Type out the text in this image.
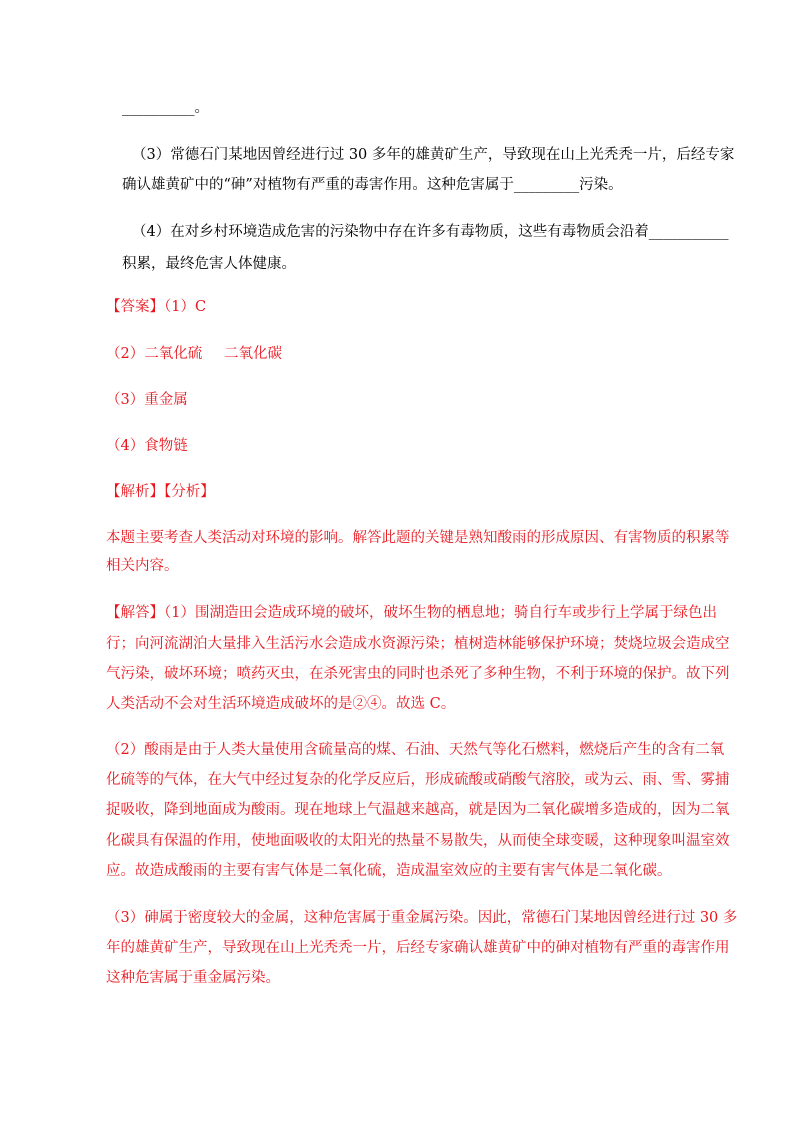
__________。
（3）常德石门某地因曾经进行过 30 多年的雄黄矿生产，导致现在山上光秃秃一片，后经专家
确认雄黄矿中的“砷”对植物有严重的毒害作用。这种危害属于_________污染。
（4）在对乡村环境造成危害的污染物中存在许多有毒物质，这些有毒物质会沿着___________
积累，最终危害人体健康。
【答案】（1）C
（2）二氧化硫 二氧化碳
（3）重金属
（4）食物链
【解析】【分析】
本题主要考查人类活动对环境的影响。解答此题的关键是熟知酸雨的形成原因、有害物质的积累等
相关内容。
【解答】（1）围湖造田会造成环境的破坏，破坏生物的栖息地；骑自行车或步行上学属于绿色出
行；向河流湖泊大量排入生活污水会造成水资源污染；植树造林能够保护环境；焚烧垃圾会造成空
气污染，破坏环境；喷药灭虫，在杀死害虫的同时也杀死了多种生物，不利于环境的保护。故下列
人类活动不会对生活环境造成破坏的是②④。故选 C。
（2）酸雨是由于人类大量使用含硫量高的煤、石油、天然气等化石燃料，燃烧后产生的含有二氧
化硫等的气体，在大气中经过复杂的化学反应后，形成硫酸或硝酸气溶胶，或为云、雨、雪、雾捕
捉吸收，降到地面成为酸雨。现在地球上气温越来越高，就是因为二氧化碳增多造成的，因为二氧
化碳具有保温的作用，使地面吸收的太阳光的热量不易散失，从而使全球变暖，这种现象叫温室效
应。故造成酸雨的主要有害气体是二氧化硫，造成温室效应的主要有害气体是二氧化碳。
（3）砷属于密度较大的金属，这种危害属于重金属污染。因此，常德石门某地因曾经进行过 30 多
年的雄黄矿生产，导致现在山上光秃秃一片，后经专家确认雄黄矿中的砷对植物有严重的毒害作用
这种危害属于重金属污染。
